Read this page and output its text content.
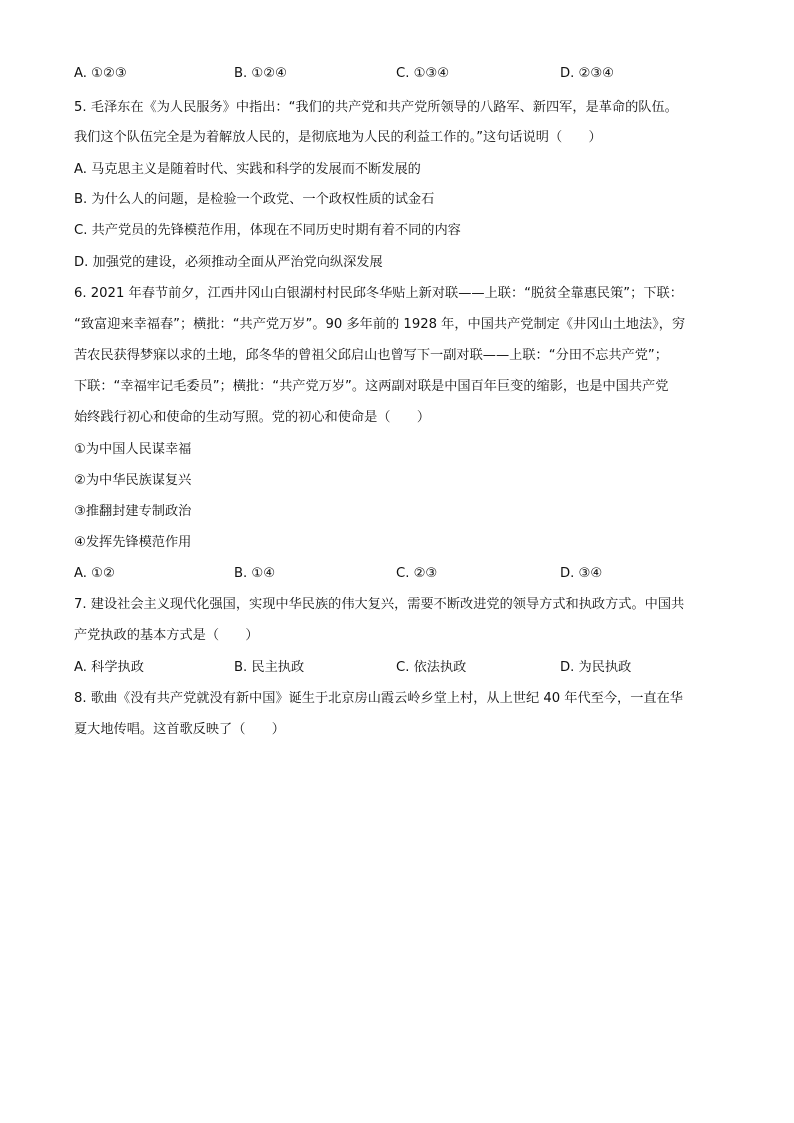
A. ①②③	B. ①②④	C. ①③④	D. ②③④
5. 毛泽东在《为人民服务》中指出：“我们的共产党和共产党所领导的八路军、新四军，是革命的队伍。
我们这个队伍完全是为着解放人民的，是彻底地为人民的利益工作的。”这句话说明（　　）
A. 马克思主义是随着时代、实践和科学的发展而不断发展的
B. 为什么人的问题，是检验一个政党、一个政权性质的试金石
C. 共产党员的先锋模范作用，体现在不同历史时期有着不同的内容
D. 加强党的建设，必须推动全面从严治党向纵深发展
6. 2021 年春节前夕，江西井冈山白银湖村村民邱冬华贴上新对联——上联：“脱贫全靠惠民策”；下联：
“致富迎来幸福春”；横批：“共产党万岁”。90 多年前的 1928 年，中国共产党制定《井冈山土地法》，穷
苦农民获得梦寐以求的土地，邱冬华的曾祖父邱启山也曾写下一副对联——上联：“分田不忘共产党”；
下联：“幸福牢记毛委员”；横批：“共产党万岁”。这两副对联是中国百年巨变的缩影，也是中国共产党
始终践行初心和使命的生动写照。党的初心和使命是（　　）
①为中国人民谋幸福
②为中华民族谋复兴
③推翻封建专制政治
④发挥先锋模范作用
A. ①②	B. ①④	C. ②③	D. ③④
7. 建设社会主义现代化强国，实现中华民族的伟大复兴，需要不断改进党的领导方式和执政方式。中国共
产党执政的基本方式是（　　）
A. 科学执政	B. 民主执政	C. 依法执政	D. 为民执政
8. 歌曲《没有共产党就没有新中国》诞生于北京房山霞云岭乡堂上村，从上世纪 40 年代至今，一直在华
夏大地传唱。这首歌反映了（　　）
